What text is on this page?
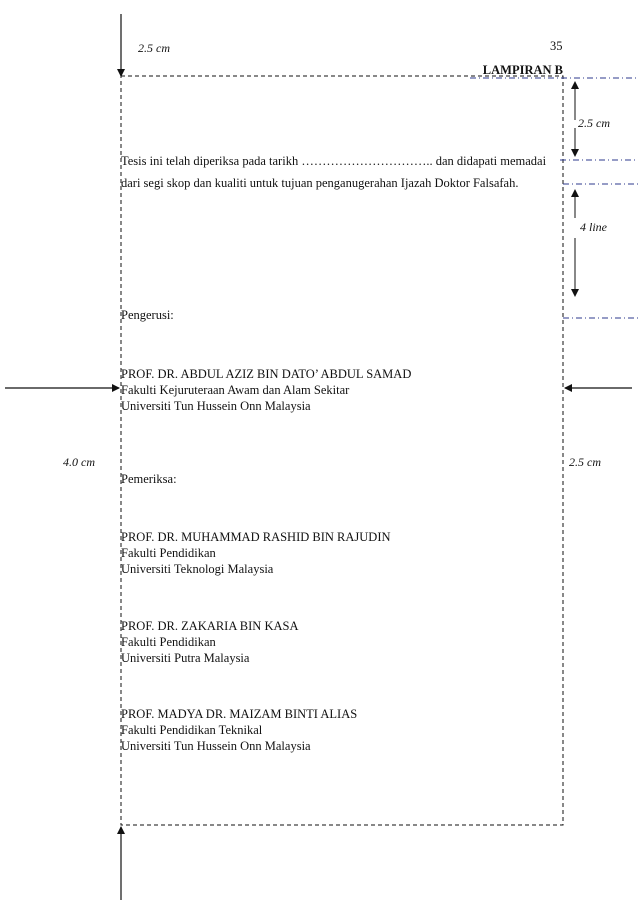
2.5 cm
2.5 cm
4 line
4.0 cm	2.5 cm
35
LAMPIRAN B
Tesis ini telah diperiksa pada tarikh ………………………….. dan didapati memadai
dari segi skop dan kualiti untuk tujuan penganugerahan Ijazah Doktor Falsafah.
Pengerusi:
PROF. DR. ABDUL AZIZ BIN DATO’ ABDUL SAMAD
Fakulti Kejuruteraan Awam dan Alam Sekitar
Universiti Tun Hussein Onn Malaysia
Pemeriksa:
PROF. DR. MUHAMMAD RASHID BIN RAJUDIN
Fakulti Pendidikan
Universiti Teknologi Malaysia
PROF. DR. ZAKARIA BIN KASA
Fakulti Pendidikan
Universiti Putra Malaysia
PROF. MADYA DR. MAIZAM BINTI ALIAS
Fakulti Pendidikan Teknikal
Universiti Tun Hussein Onn Malaysia
